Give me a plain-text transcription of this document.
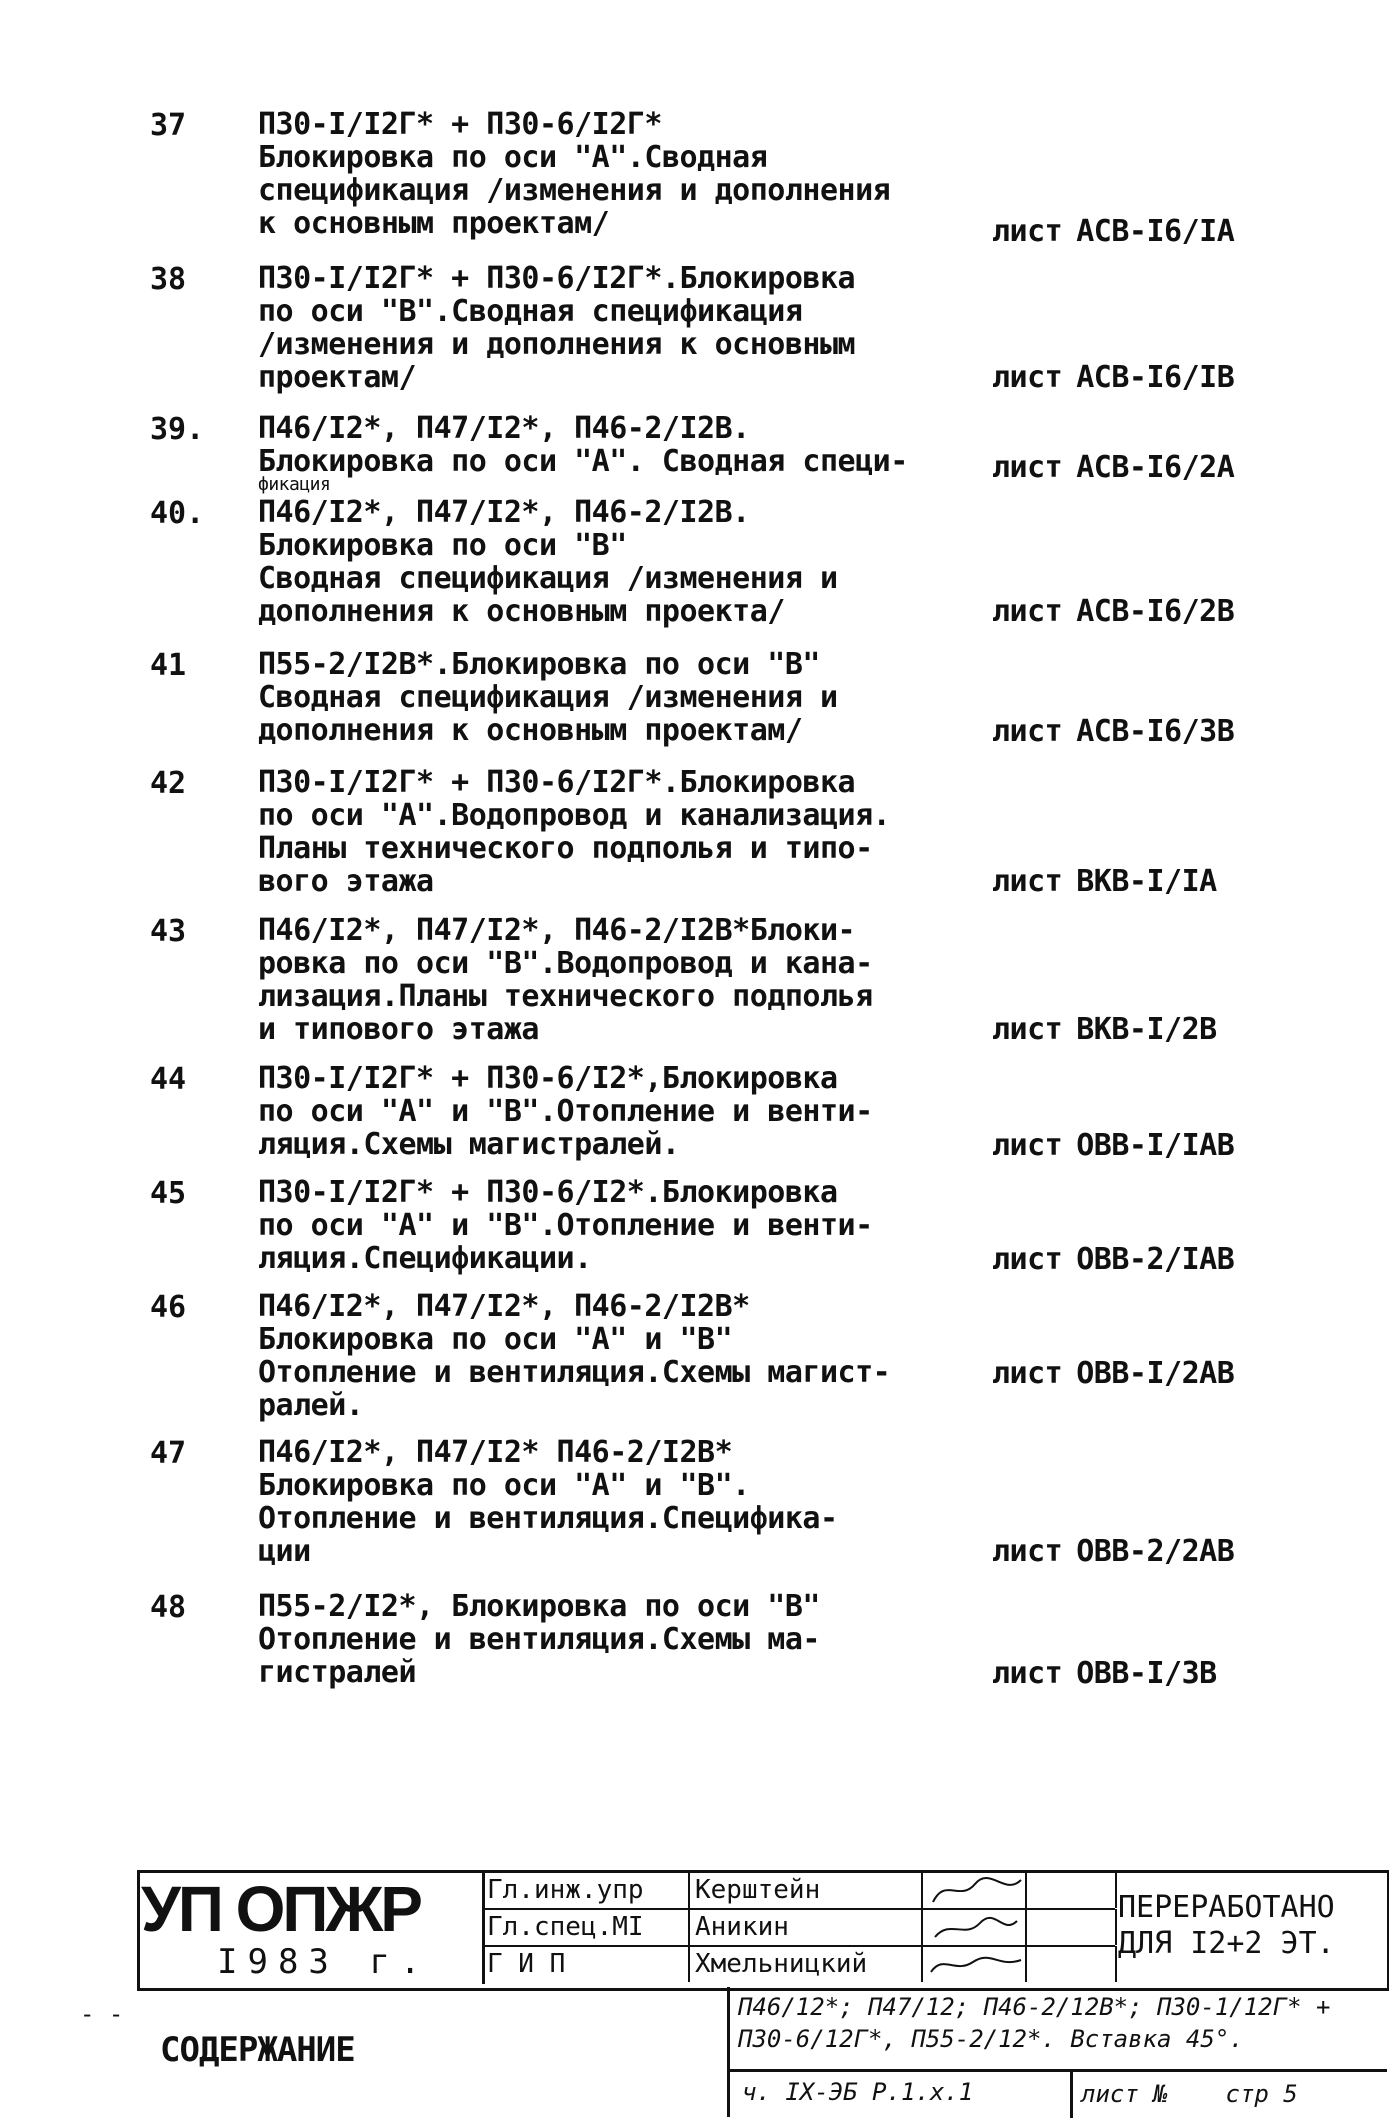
37 П30-I/I2Г* + П30-6/I2Г*
Блокировка по оси "А".Сводная
спецификация /изменения и дополнения
к основным проектам/	лист АСВ-I6/IА
38 П30-I/I2Г* + П30-6/I2Г*.Блокировка
по оси "В".Сводная спецификация
/изменения и дополнения к основным
проектам/	лист АСВ-I6/IВ
39. П46/I2*, П47/I2*, П46-2/I2В.
Блокировка по оси "А". Сводная специ-
фикация	лист АСВ-I6/2А
40. П46/I2*, П47/I2*, П46-2/I2В.
Блокировка по оси "В"
Сводная спецификация /изменения и
дополнения к основным проекта/	лист АСВ-I6/2В
41 П55-2/I2В*.Блокировка по оси "В"
Сводная спецификация /изменения и
дополнения к основным проектам/	лист АСВ-I6/3В
42 П30-I/I2Г* + П30-6/I2Г*.Блокировка
по оси "А".Водопровод и канализация.
Планы технического подполья и типо-
вого этажа	лист ВКВ-I/IА
43 П46/I2*, П47/I2*, П46-2/I2В*Блоки-
ровка по оси "В".Водопровод и кана-
лизация.Планы технического подполья
и типового этажа	лист ВКВ-I/2В
44 П30-I/I2Г* + П30-6/I2*,Блокировка
по оси "А" и "В".Отопление и венти-
ляция.Схемы магистралей.	лист ОВВ-I/IАВ
45 П30-I/I2Г* + П30-6/I2*.Блокировка
по оси "А" и "В".Отопление и венти-
ляция.Спецификации.	лист ОВВ-2/IАВ
46 П46/I2*, П47/I2*, П46-2/I2В*
Блокировка по оси "А" и "В"
Отопление и вентиляция.Схемы магист-
ралей.
лист ОВВ-I/2АВ
47 П46/I2*, П47/I2* П46-2/I2В*
Блокировка по оси "А" и "В".
Отопление и вентиляция.Спецификa-
ции	лист ОВВ-2/2АВ
48 П55-2/I2*, Блокировка по оси "В"
Отопление и вентиляция.Схемы ма-
гистралей	лист ОВВ-I/3В
УП ОПЖР
I983 г.
Гл.инж.упр	Керштейн
Гл.спец.МI	Аникин
Г И П	Хмельницкий
ПЕРЕРАБОТАНО
ДЛЯ I2+2 ЭТ.
- -
СОДЕРЖАНИЕ
П46/12*; П47/12; П46-2/12В*; П30-1/12Г* +
П30-6/12Г*, П55-2/12*. Вставка 45°.
ч. IX-ЭБ Р.1.х.1	лист № стр 5
